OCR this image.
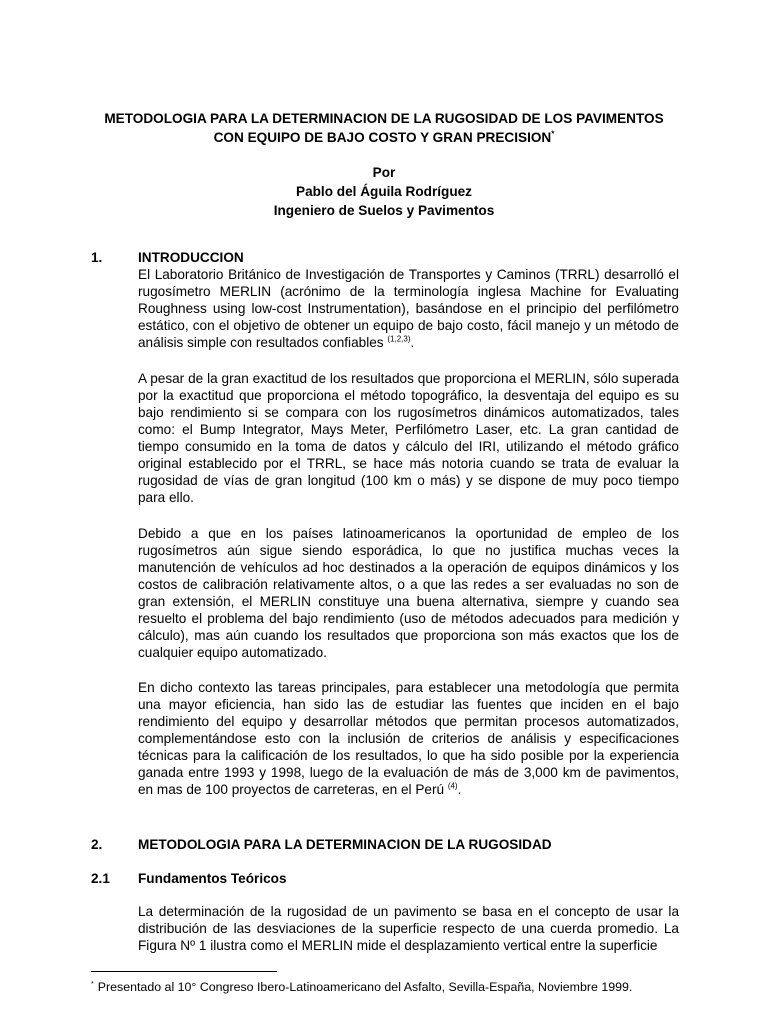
METODOLOGIA PARA LA DETERMINACION DE LA RUGOSIDAD DE LOS PAVIMENTOS
CON EQUIPO DE BAJO COSTO Y GRAN PRECISION*
Por
Pablo del Águila Rodríguez
Ingeniero de Suelos y Pavimentos
1.	INTRODUCCION

El Laboratorio Británico de Investigación de Transportes y Caminos (TRRL) desarrolló el rugosímetro MERLIN (acrónimo de la terminología inglesa Machine for Evaluating Roughness using low-cost Instrumentation), basándose en el principio del perfilómetro estático, con el objetivo de obtener un equipo de bajo costo, fácil manejo y un método de análisis simple con resultados confiables $^{(1,2,3)}$.

A pesar de la gran exactitud de los resultados que proporciona el MERLIN, sólo superada por la exactitud que proporciona el método topográfico, la desventaja del equipo es su bajo rendimiento si se compara con los rugosímetros dinámicos automatizados, tales como: el Bump Integrator, Mays Meter, Perfilómetro Laser, etc. La gran cantidad de tiempo consumido en la toma de datos y cálculo del IRI, utilizando el método gráfico original establecido por el TRRL, se hace más notoria cuando se trata de evaluar la rugosidad de vías de gran longitud (100 km o más) y se dispone de muy poco tiempo para ello.

Debido a que en los países latinoamericanos la oportunidad de empleo de los rugosímetros aún sigue siendo esporádica, lo que no justifica muchas veces la manutención de vehículos ad hoc destinados a la operación de equipos dinámicos y los costos de calibración relativamente altos, o a que las redes a ser evaluadas no son de gran extensión, el MERLIN constituye una buena alternativa, siempre y cuando sea resuelto el problema del bajo rendimiento (uso de métodos adecuados para medición y cálculo), mas aún cuando los resultados que proporciona son más exactos que los de cualquier equipo automatizado.

En dicho contexto las tareas principales, para establecer una metodología que permita una mayor eficiencia, han sido las de estudiar las fuentes que inciden en el bajo rendimiento del equipo y desarrollar métodos que permitan procesos automatizados, complementándose esto con la inclusión de criterios de análisis y especificaciones técnicas para la calificación de los resultados, lo que ha sido posible por la experiencia ganada entre 1993 y 1998, luego de la evaluación de más de 3,000 km de pavimentos, en mas de 100 proyectos de carreteras, en el Perú $^{(4)}$.

2.	METODOLOGIA PARA LA DETERMINACION DE LA RUGOSIDAD
2.1 Fundamentos Teóricos

La determinación de la rugosidad de un pavimento se basa en el concepto de usar la distribución de las desviaciones de la superficie respecto de una cuerda promedio. La Figura Nº 1 ilustra como el MERLIN mide el desplazamiento vertical entre la superficie

* Presentado al 10° Congreso Ibero-Latinoamericano del Asfalto, Sevilla-España, Noviembre 1999.
